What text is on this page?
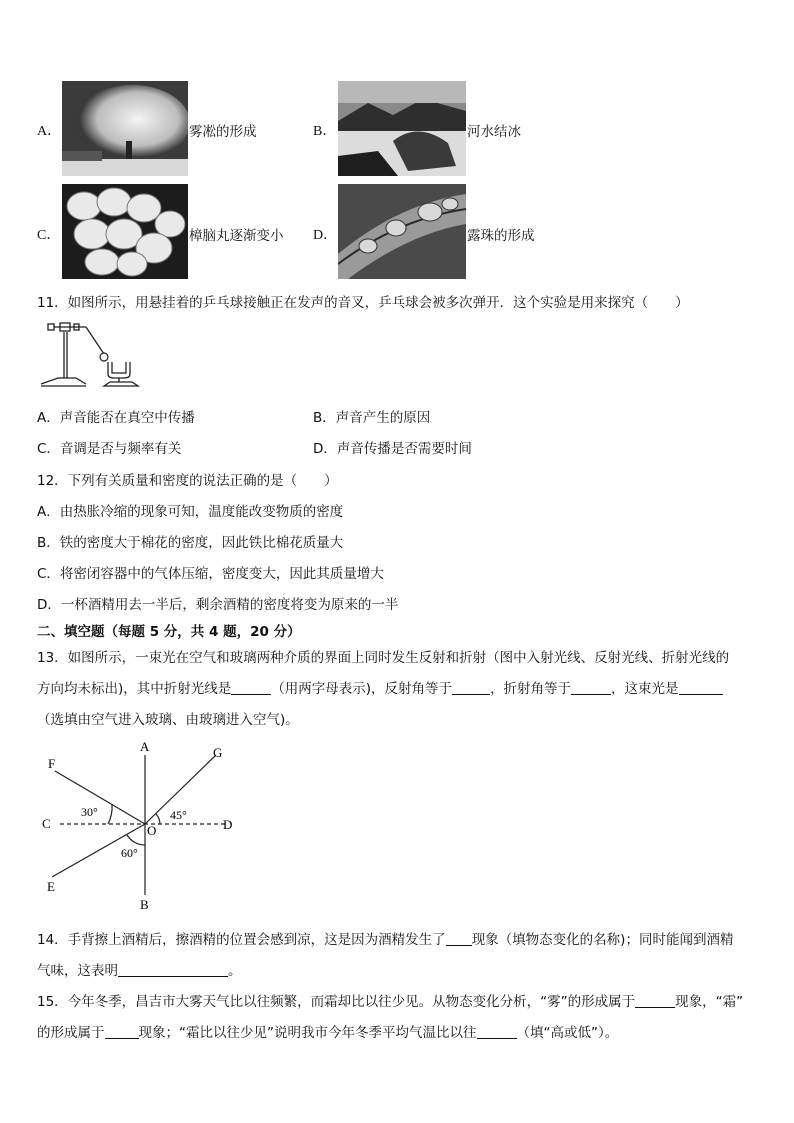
A．	雾凇的形成	B．	河水结冰
C．	樟脑丸逐渐变小 D．	露珠的形成
11．如图所示，用悬挂着的乒乓球接触正在发声的音叉，乒乓球会被多次弹开．这个实验是用来探究（　　）
A．声音能否在真空中传播	B．声音产生的原因
C．音调是否与频率有关	D．声音传播是否需要时间
12．下列有关质量和密度的说法正确的是（　　）
A．由热胀冷缩的现象可知，温度能改变物质的密度
B．铁的密度大于棉花的密度，因此铁比棉花质量大
C．将密闭容器中的气体压缩，密度变大，因此其质量增大
D．一杯酒精用去一半后，剩余酒精的密度将变为原来的一半
二、填空题（每题 5 分，共 4 题，20 分）
13．如图所示，一束光在空气和玻璃两种介质的界面上同时发生反射和折射（图中入射光线、反射光线、折射光线的
方向均未标出)，其中折射光线是	（用两字母表示)，反射角等于	，折射角等于	，这束光是
（选填由空气进入玻璃、由玻璃进入空气)。
A
B
C	D
E
F
G
O
30°	45°
60°
14．手背擦上酒精后，擦酒精的位置会感到凉，这是因为酒精发生了 现象（填物态变化的名称)；同时能闻到酒精
气味，这表明	。
15．今年冬季，昌吉市大雾天气比以往频繁，而霜却比以往少见。从物态变化分析，“雾”的形成属于	现象，“霜”
的形成属于	现象；“霜比以往少见”说明我市今年冬季平均气温比以往	（填“高或低”）。
